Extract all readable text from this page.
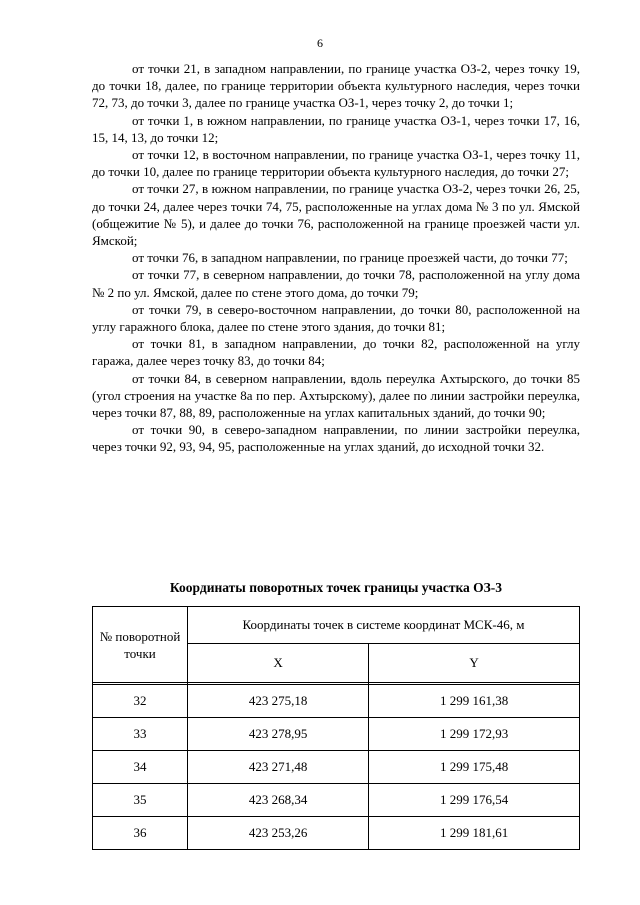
6

от точки 21, в западном направлении, по границе участка ОЗ-2, через точку 19, до точки 18, далее, по границе территории объекта культурного наследия, через точки 72, 73, до точки 3, далее по границе участка ОЗ-1, через точку 2, до точки 1;

от точки 1, в южном направлении, по границе участка ОЗ-1, через точки 17, 16, 15, 14, 13, до точки 12;

от точки 12, в восточном направлении, по границе участка ОЗ-1, через точку 11, до точки 10, далее по границе территории объекта культурного наследия, до точки 27;

от точки 27, в южном направлении, по границе участка ОЗ-2, через точки 26, 25, до точки 24, далее через точки 74, 75, расположенные на углах дома № 3 по ул. Ямской (общежитие № 5), и далее до точки 76, расположенной на границе проезжей части ул. Ямской;

от точки 76, в западном направлении, по границе проезжей части, до точки 77;

от точки 77, в северном направлении, до точки 78, расположенной на углу дома № 2 по ул. Ямской, далее по стене этого дома, до точки 79;

от точки 79, в северо-восточном направлении, до точки 80, расположенной на углу гаражного блока, далее по стене этого здания, до точки 81;

от точки 81, в западном направлении, до точки 82, расположенной на углу гаража, далее через точку 83, до точки 84;

от точки 84, в северном направлении, вдоль переулка Ахтырского, до точки 85 (угол строения на участке 8а по пер. Ахтырскому), далее по линии застройки переулка, через точки 87, 88, 89, расположенные на углах капитальных зданий, до точки 90;

от точки 90, в северо-западном направлении, по линии застройки переулка, через точки 92, 93, 94, 95, расположенные на углах зданий, до исходной точки 32.

Координаты поворотных точек границы участка ОЗ-3
№ поворотной точки	Координаты точек в системе координат МСК-46, м	
	X	Y

32	423 275,18	1 299 161,38
33	423 278,95	1 299 172,93
34	423 271,48	1 299 175,48
35	423 268,34	1 299 176,54
36	423 253,26	1 299 181,61
